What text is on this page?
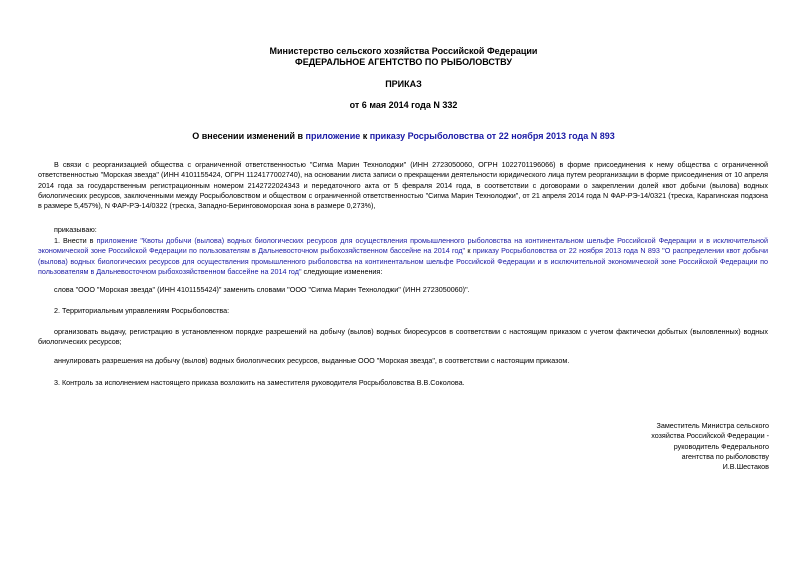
Министерство сельского хозяйства Российской Федерации
ФЕДЕРАЛЬНОЕ АГЕНТСТВО ПО РЫБОЛОВСТВУ
ПРИКАЗ
от 6 мая 2014 года N 332
О внесении изменений в приложение к приказу Росрыболовства от 22 ноября 2013 года N 893

В связи с реорганизацией общества с ограниченной ответственностью "Сигма Марин Технолоджи" (ИНН 2723050060, ОГРН 1022701196066) в форме присоединения к нему общества с ограниченной ответственностью "Морская звезда" (ИНН 4101155424, ОГРН 1124177002740), на основании листа записи о прекращении деятельности юридического лица путем реорганизации в форме присоединения от 10 апреля 2014 года за государственным регистрационным номером 2142722024343 и передаточного акта от 5 февраля 2014 года, в соответствии с договорами о закреплении долей квот добычи (вылова) водных биологических ресурсов, заключенными между Росрыболовством и обществом с ограниченной ответственностью "Сигма Марин Технолоджи", от 21 апреля 2014 года N ФАР-РЭ-14/0321 (треска, Карагинская подзона в размере 5,457%), N ФАР-РЭ-14/0322 (треска, Западно-Беринговоморская зона в размере 0,273%),

приказываю:

1. Внести в приложение "Квоты добычи (вылова) водных биологических ресурсов для осуществления промышленного рыболовства на континентальном шельфе Российской Федерации и в исключительной экономической зоне Российской Федерации по пользователям в Дальневосточном рыбохозяйственном бассейне на 2014 год" к приказу Росрыболовства от 22 ноября 2013 года N 893 "О распределении квот добычи (вылова) водных биологических ресурсов для осуществления промышленного рыболовства на континентальном шельфе Российской Федерации и в исключительной экономической зоне Российской Федерации по пользователям в Дальневосточном рыбохозяйственном бассейне на 2014 год" следующие изменения:

слова "ООО "Морская звезда" (ИНН 4101155424)" заменить словами "ООО "Сигма Марин Технолоджи" (ИНН 2723050060)".

2. Территориальным управлениям Росрыболовства:

организовать выдачу, регистрацию в установленном порядке разрешений на добычу (вылов) водных биоресурсов в соответствии с настоящим приказом с учетом фактически добытых (выловленных) водных биологических ресурсов;

аннулировать разрешения на добычу (вылов) водных биологических ресурсов, выданные ООО "Морская звезда", в соответствии с настоящим приказом.

3. Контроль за исполнением настоящего приказа возложить на заместителя руководителя Росрыболовства В.В.Соколова.

Заместитель Министра сельского
хозяйства Российской Федерации -
руководитель Федерального
агентства по рыболовству
И.В.Шестаков
